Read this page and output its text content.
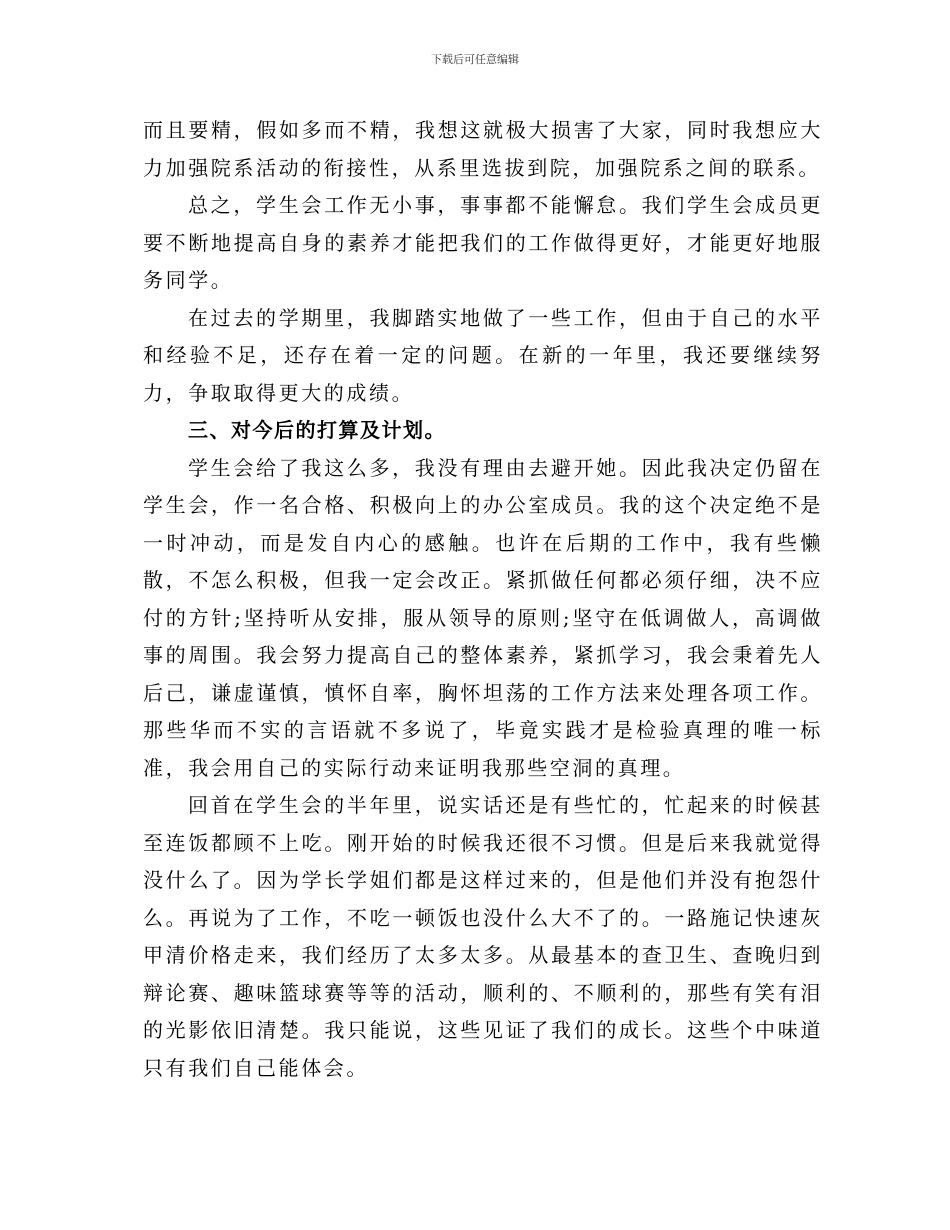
下载后可任意编辑

而且要精，假如多而不精，我想这就极大损害了大家，同时我想应大力加强院系活动的衔接性，从系里选拔到院，加强院系之间的联系。

总之，学生会工作无小事，事事都不能懈怠。我们学生会成员更要不断地提高自身的素养才能把我们的工作做得更好，才能更好地服务同学。

在过去的学期里，我脚踏实地做了一些工作，但由于自己的水平和经验不足，还存在着一定的问题。在新的一年里，我还要继续努力，争取取得更大的成绩。

三、对今后的打算及计划。

学生会给了我这么多，我没有理由去避开她。因此我决定仍留在学生会，作一名合格、积极向上的办公室成员。我的这个决定绝不是一时冲动，而是发自内心的感触。也许在后期的工作中，我有些懒散，不怎么积极，但我一定会改正。紧抓做任何都必须仔细，决不应付的方针;坚持听从安排，服从领导的原则;坚守在低调做人，高调做事的周围。我会努力提高自己的整体素养，紧抓学习，我会秉着先人后己，谦虚谨慎，慎怀自率，胸怀坦荡的工作方法来处理各项工作。那些华而不实的言语就不多说了，毕竟实践才是检验真理的唯一标准，我会用自己的实际行动来证明我那些空洞的真理。

回首在学生会的半年里，说实话还是有些忙的，忙起来的时候甚至连饭都顾不上吃。刚开始的时候我还很不习惯。但是后来我就觉得没什么了。因为学长学姐们都是这样过来的，但是他们并没有抱怨什么。再说为了工作，不吃一顿饭也没什么大不了的。一路施记快速灰甲清价格走来，我们经历了太多太多。从最基本的查卫生、查晚归到辩论赛、趣味篮球赛等等的活动，顺利的、不顺利的，那些有笑有泪的光影依旧清楚。我只能说，这些见证了我们的成长。这些个中味道只有我们自己能体会。
